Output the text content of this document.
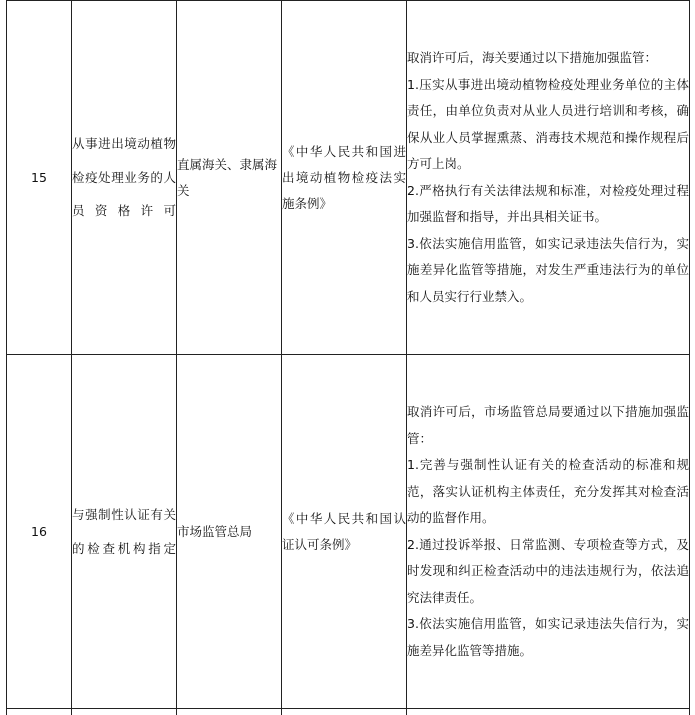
15	从事进出境动植物检疫处理业务的人员资格许可	直属海关、隶属海关	《中华人民共和国进出境动植物检疫法实施条例》	取消许可后，海关要通过以下措施加强监管：
1.压实从事进出境动植物检疫处理业务单位的主体责任，由单位负责对从业人员进行培训和考核，确保从业人员掌握熏蒸、消毒技术规范和操作规程后方可上岗。
2.严格执行有关法律法规和标准，对检疫处理过程加强监督和指导，并出具相关证书。
3.依法实施信用监管，如实记录违法失信行为，实施差异化监管等措施，对发生严重违法行为的单位和人员实行行业禁入。

16	与强制性认证有关的检查机构指定	市场监管总局	《中华人民共和国认证认可条例》	取消许可后，市场监管总局要通过以下措施加强监管：
1.完善与强制性认证有关的检查活动的标准和规范，落实认证机构主体责任，充分发挥其对检查活动的监督作用。
2.通过投诉举报、日常监测、专项检查等方式，及时发现和纠正检查活动中的违法违规行为，依法追究法律责任。
3.依法实施信用监管，如实记录违法失信行为，实施差异化监管等措施。
